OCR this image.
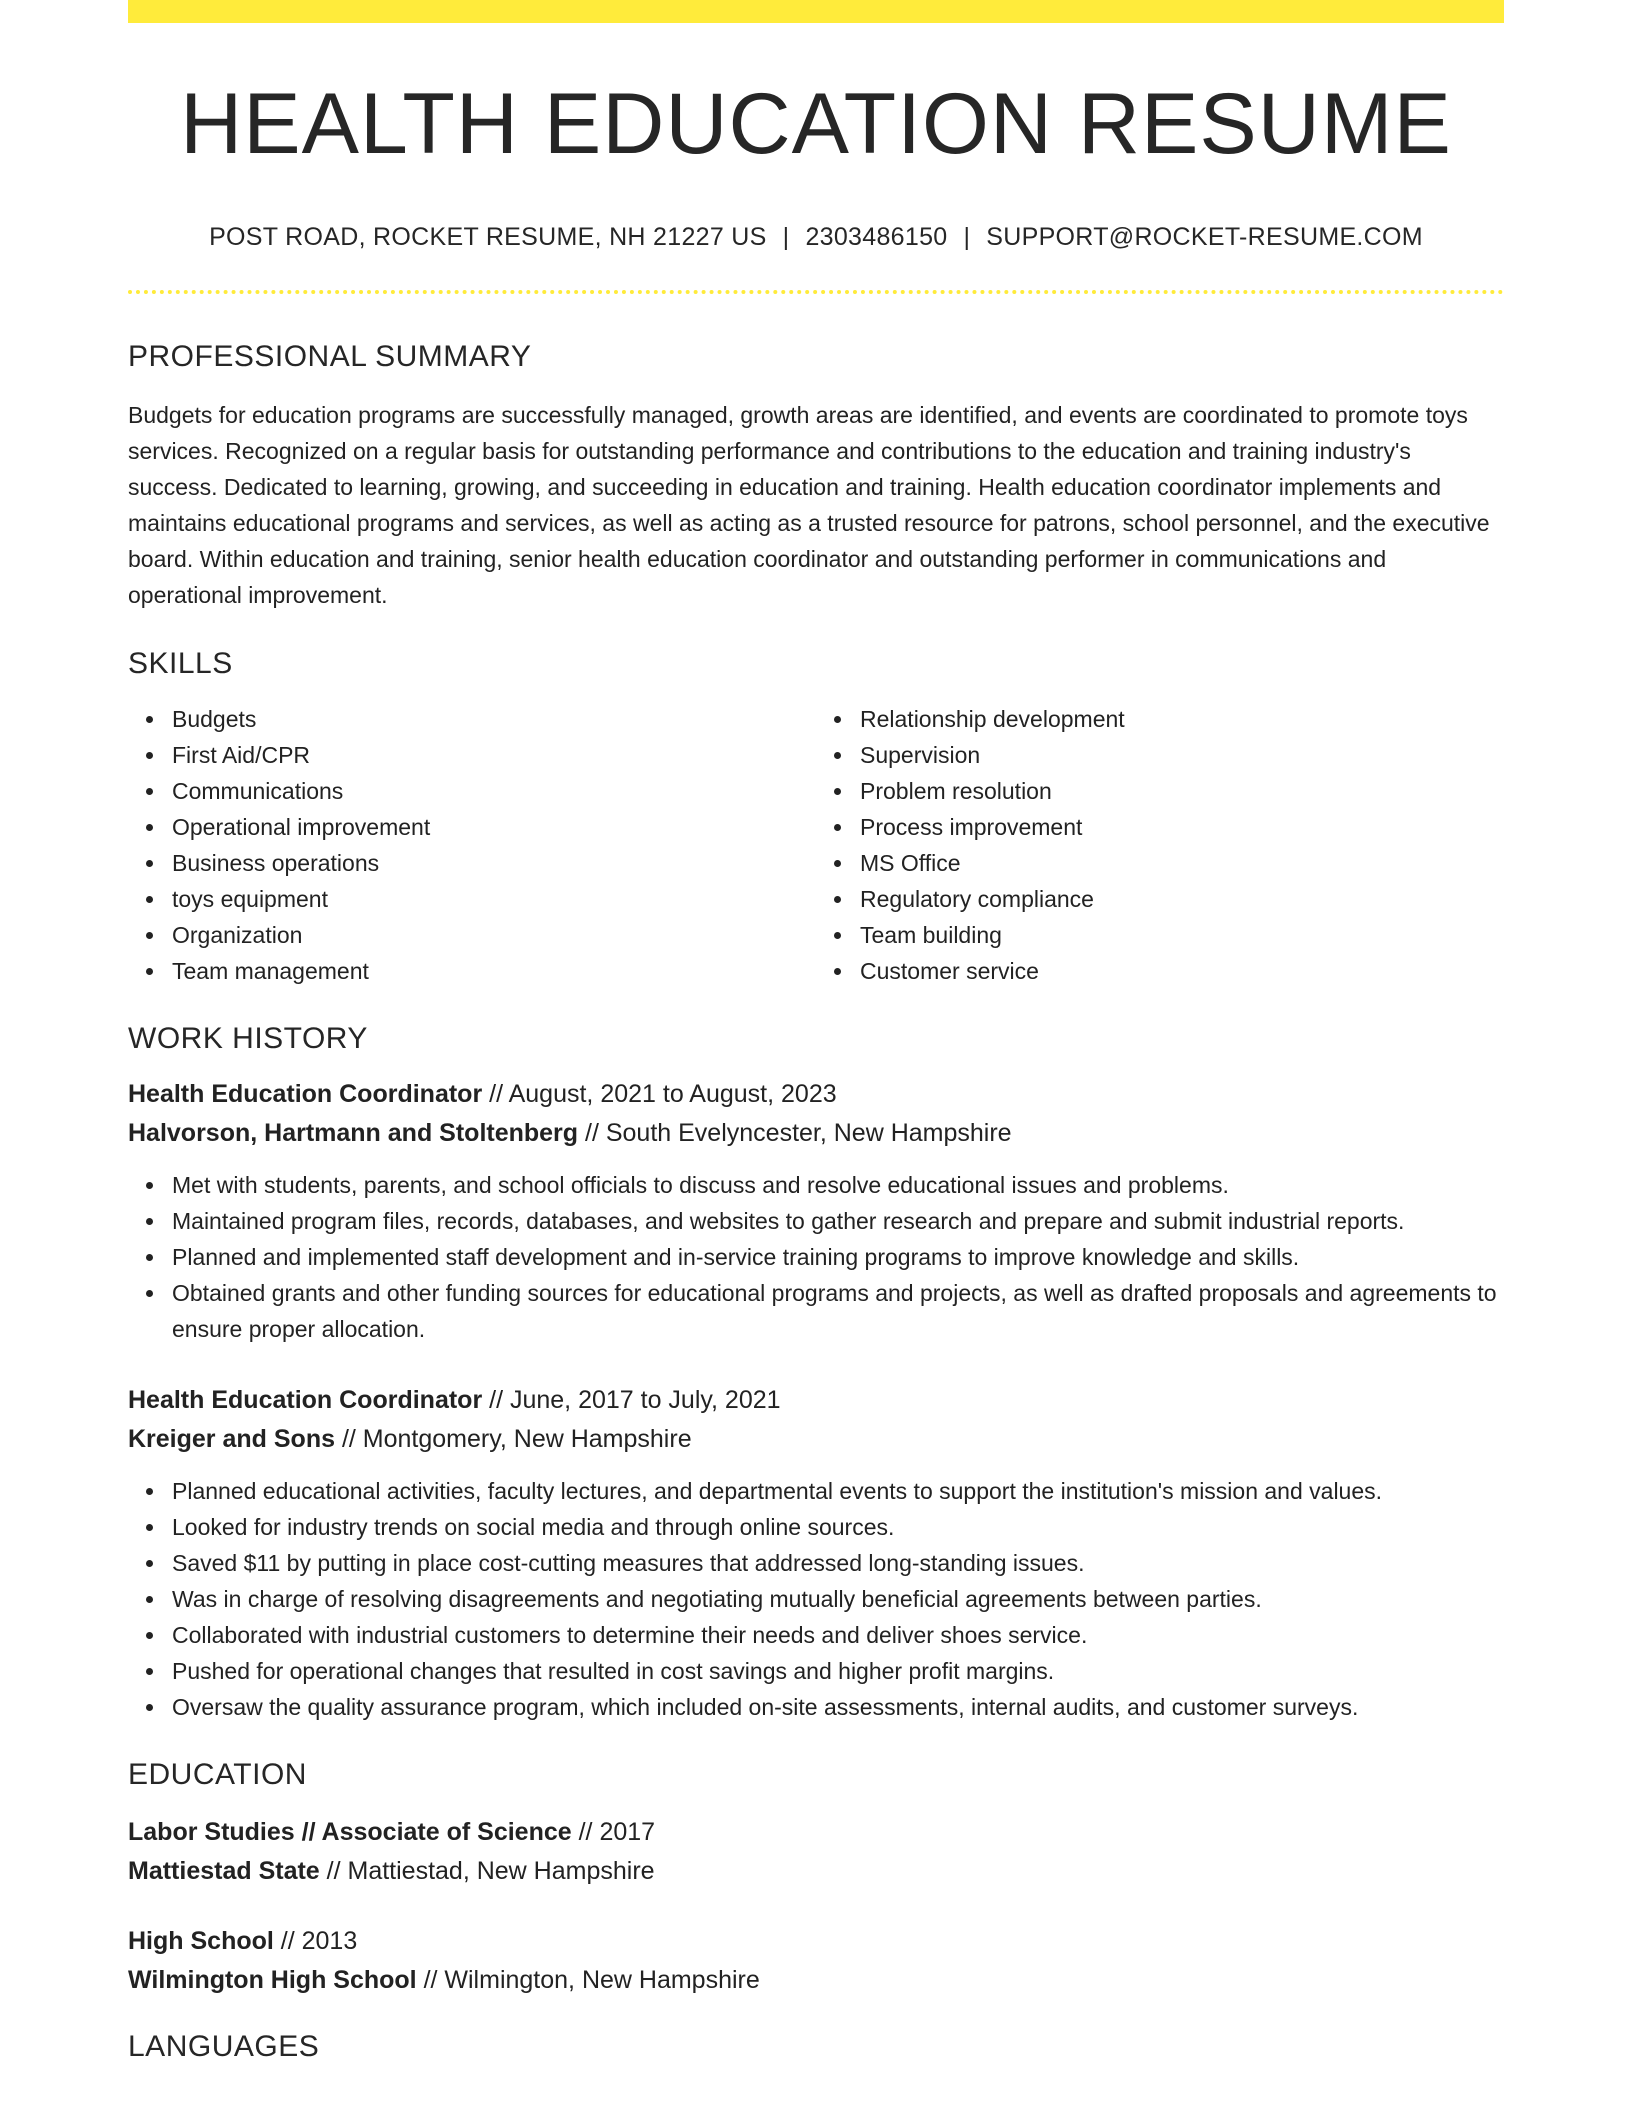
HEALTH EDUCATION RESUME
POST ROAD, ROCKET RESUME, NH 21227 US | 2303486150 | SUPPORT@ROCKET-RESUME.COM
PROFESSIONAL SUMMARY

Budgets for education programs are successfully managed, growth areas are identified, and events are coordinated to promote toys services. Recognized on a regular basis for outstanding performance and contributions to the education and training industry's success. Dedicated to learning, growing, and succeeding in education and training. Health education coordinator implements and maintains educational programs and services, as well as acting as a trusted resource for patrons, school personnel, and the executive board. Within education and training, senior health education coordinator and outstanding performer in communications and operational improvement.

SKILLS
Budgets
First Aid/CPR
Communications
Operational improvement
Business operations
toys equipment
Organization
Team management
Relationship development
Supervision
Problem resolution
Process improvement
MS Office
Regulatory compliance
Team building
Customer service
WORK HISTORY
Health Education Coordinator // August, 2021 to August, 2023
Halvorson, Hartmann and Stoltenberg // South Evelyncester, New Hampshire
Met with students, parents, and school officials to discuss and resolve educational issues and problems.
Maintained program files, records, databases, and websites to gather research and prepare and submit industrial reports.
Planned and implemented staff development and in-service training programs to improve knowledge and skills.
Obtained grants and other funding sources for educational programs and projects, as well as drafted proposals and agreements to ensure proper allocation.
Health Education Coordinator // June, 2017 to July, 2021
Kreiger and Sons // Montgomery, New Hampshire
Planned educational activities, faculty lectures, and departmental events to support the institution's mission and values.
Looked for industry trends on social media and through online sources.
Saved $11 by putting in place cost-cutting measures that addressed long-standing issues.
Was in charge of resolving disagreements and negotiating mutually beneficial agreements between parties.
Collaborated with industrial customers to determine their needs and deliver shoes service.
Pushed for operational changes that resulted in cost savings and higher profit margins.
Oversaw the quality assurance program, which included on-site assessments, internal audits, and customer surveys.
EDUCATION
Labor Studies // Associate of Science // 2017
Mattiestad State // Mattiestad, New Hampshire
High School // 2013
Wilmington High School // Wilmington, New Hampshire
LANGUAGES
